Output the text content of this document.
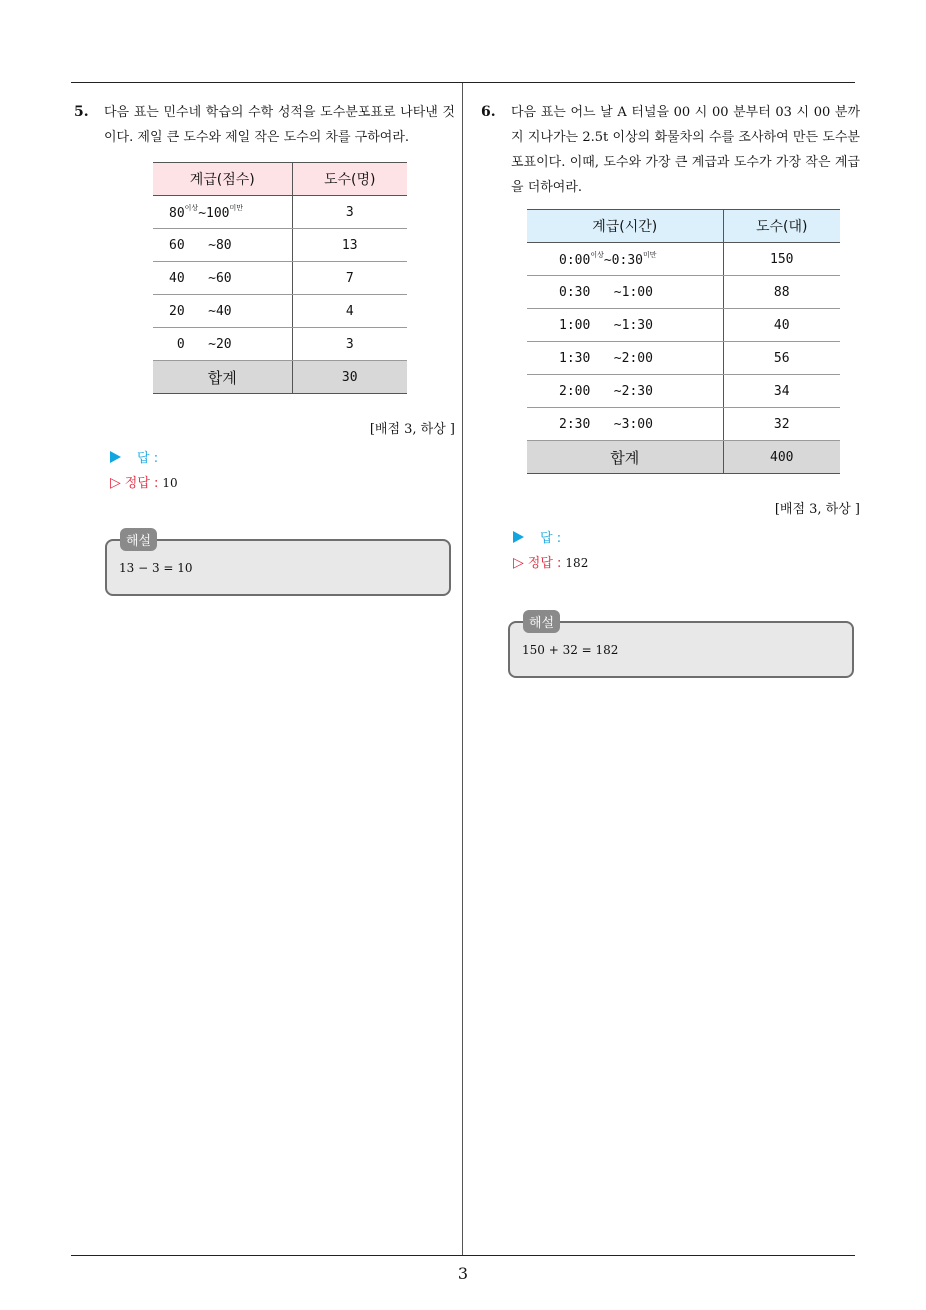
3
5. 다음 표는 민수네 학습의 수학 성적을 도수분포표로 나타낸 것이다. 제일 큰 도수와 제일 작은 도수의 차를 구하여라.
계급(점수)	도수(명)
$80^{이상}\sim 100^{미만}$	3
60 ~80	13
40 ~60	7
20 ~40	4
0 ~20	3
합계	30
[배점 3, 하상 ]
답 :
▷ 정답 : 10
해설
13 − 3 = 10
6. 다음 표는 어느 날 A 터널을 00 시 00 분부터 03 시 00 분까지 지나가는 2.5t 이상의 화물차의 수를 조사하여 만든 도수분포표이다. 이때, 도수와 가장 큰 계급과 도수가 가장 작은 계급을 더하여라.
계급(시간)	도수(대)
$0:00^{이상}\sim 0:30^{미만}$	150
0:30 ~1:00	88
1:00 ~1:30	40
1:30 ~2:00	56
2:00 ~2:30	34
2:30 ~3:00	32
합계	400
[배점 3, 하상 ]
답 :
▷ 정답 : 182
해설
150 + 32 = 182
